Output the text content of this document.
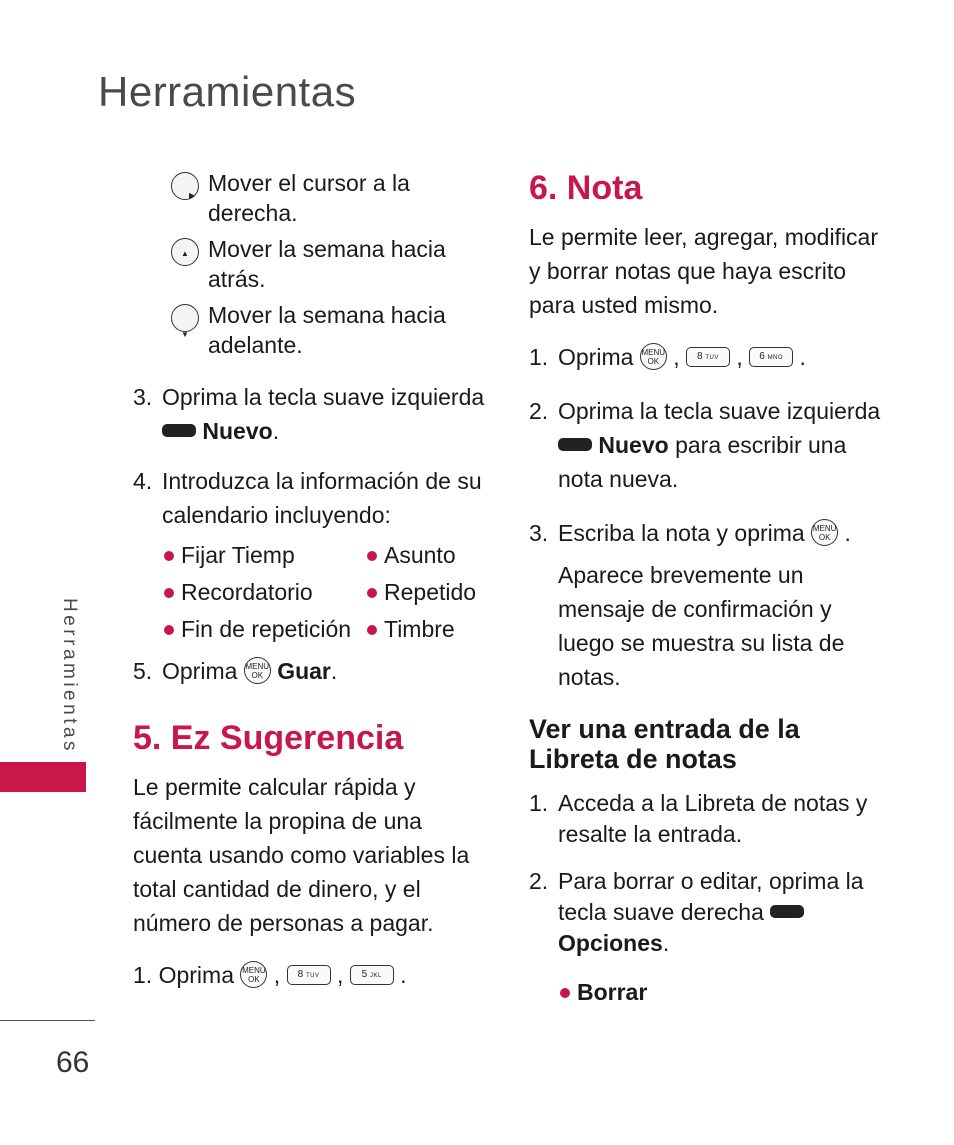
Herramientas
Herramientas
66
▶ Mover el cursor a la derecha.
▲ Mover la semana hacia atrás.
▼
Mover la semana hacia adelante.
3. Oprima la tecla suave izquierda  Nuevo.
4. Introduzca la información de su calendario incluyendo:
Fijar Tiemp	Asunto
Recordatorio	Repetido
Fin de repetición	Timbre
5. Oprima MENU
OK Guar.
5. Ez Sugerencia

Le permite calcular rápida y fácilmente la propina de una cuenta usando como variables la total cantidad de dinero, y el número de personas a pagar.

1. Oprima MENU
OK , 8 TUV , 5 JKL .
6. Nota

Le permite leer, agregar, modificar y borrar notas que haya escrito para usted mismo.

1. Oprima MENU
OK , 8 TUV , 6 MNO .
2. Oprima la tecla suave izquierda  Nuevo para escribir una nota nueva.
3. Escriba la nota y oprima MENU
OK .

Aparece brevemente un mensaje de confirmación y luego se muestra su lista de notas.

Ver una entrada de la Libreta de notas
1. Acceda a la Libreta de notas y resalte la entrada.
2. Para borrar o editar, oprima la tecla suave derecha  Opciones.
Borrar
